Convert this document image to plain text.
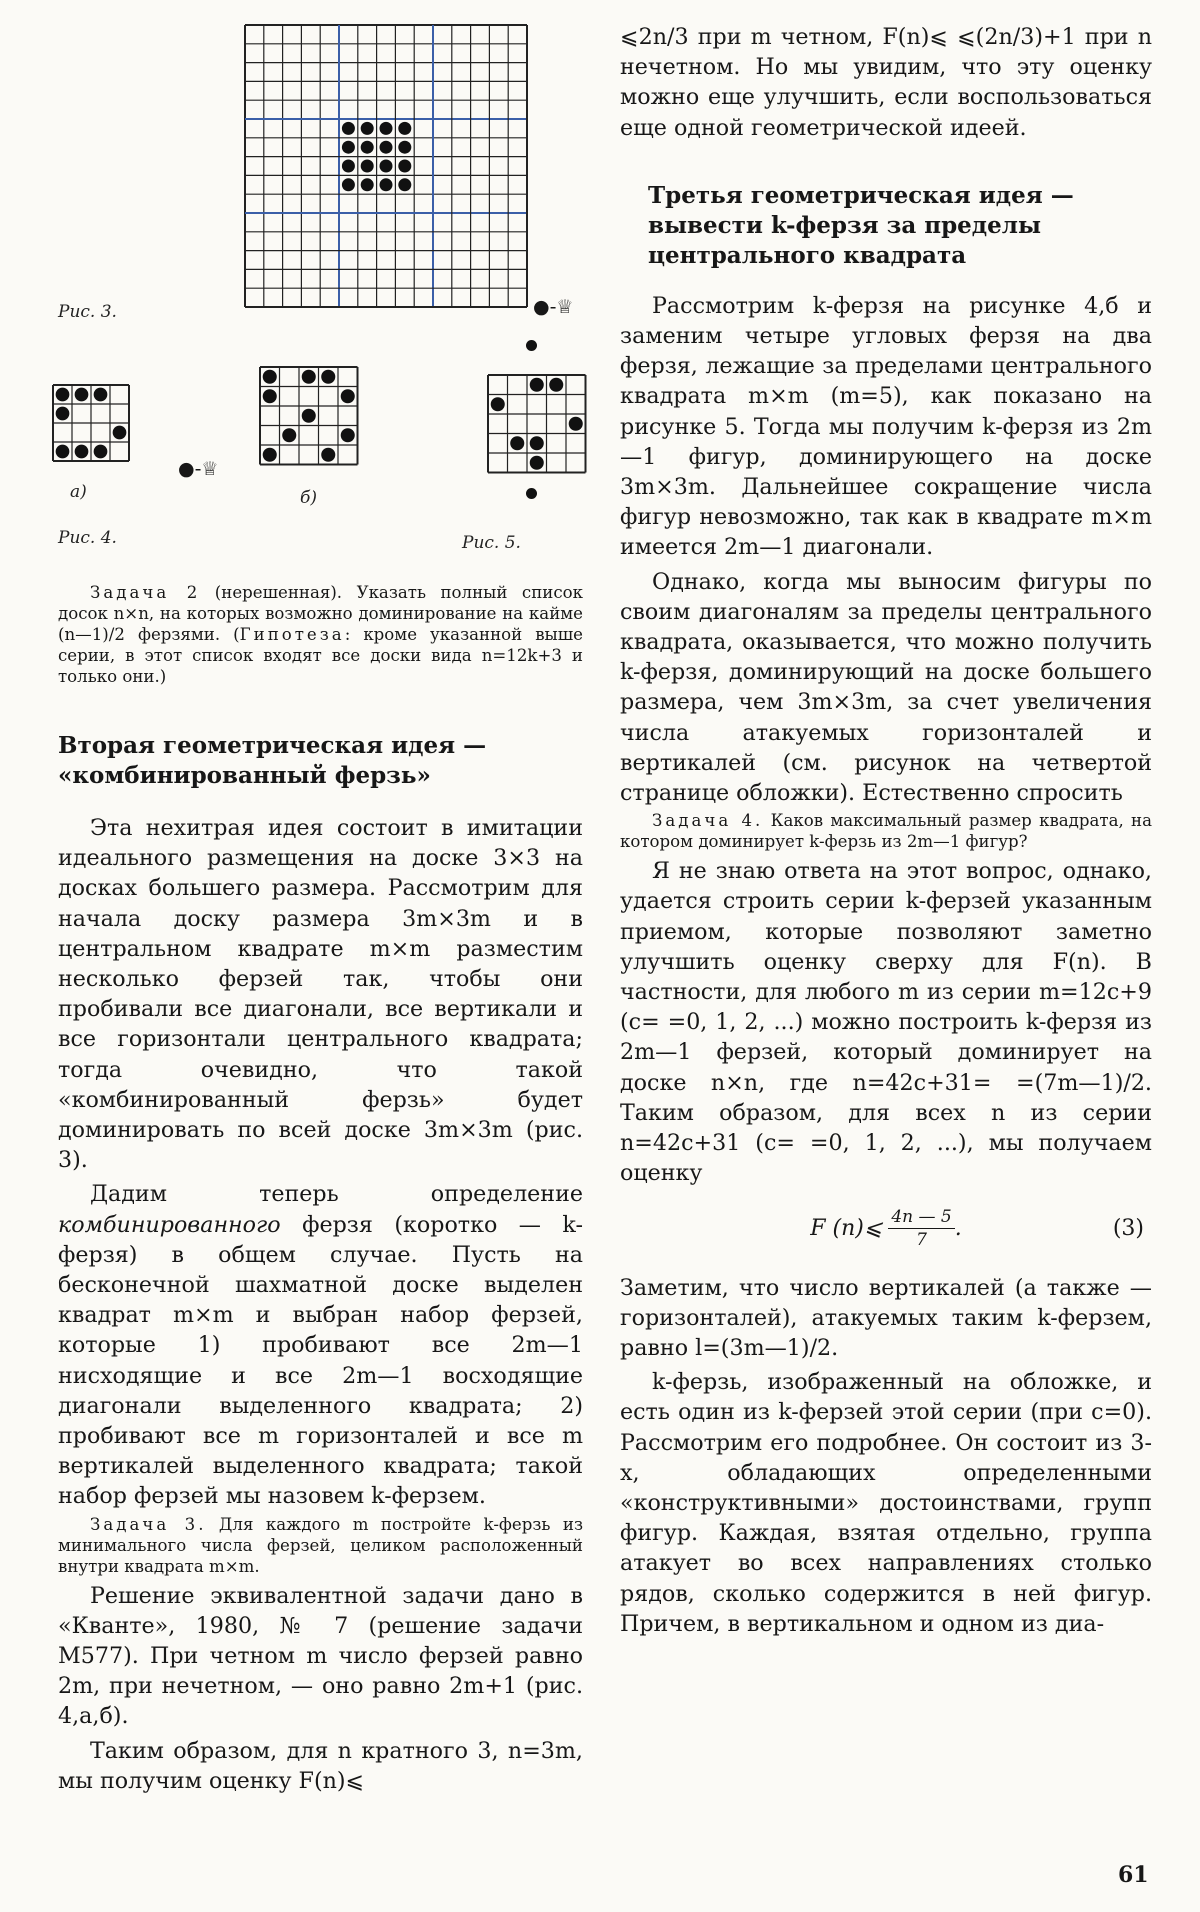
Рис. 3.	●-♕
а)
●-♕
б)
Рис. 4.	Рис. 5.

Задача 2 (нерешенная). Указать полный список досок n×n, на которых возможно доминирование на кайме (n—1)/2 ферзями. (Гипотеза: кроме указанной выше серии, в этот список входят все доски вида n=12k+3 и только они.)

Вторая геометрическая идея — «комбинированный ферзь»

Эта нехитрая идея состоит в имитации идеального размещения на доске 3×3 на досках большего размера. Рассмотрим для начала доску размера 3m×3m и в центральном квадрате m×m разместим несколько ферзей так, чтобы они пробивали все диагонали, все вертикали и все горизонтали центрального квадрата; тогда очевидно, что такой «комбинированный ферзь» будет доминировать по всей доске 3m×3m (рис. 3).

Дадим теперь определение комбинированного ферзя (коротко — k-ферзя) в общем случае. Пусть на бесконечной шахматной доске выделен квадрат m×m и выбран набор ферзей, которые 1) пробивают все 2m—1 нисходящие и все 2m—1 восходящие диагонали выделенного квадрата; 2) пробивают все m горизонталей и все m вертикалей выделенного квадрата; такой набор ферзей мы назовем k-ферзем.

Задача 3. Для каждого m постройте k-ферзь из минимального числа ферзей, целиком расположенный внутри квадрата m×m.

Решение эквивалентной задачи дано в «Кванте», 1980, № 7 (решение задачи М577). При четном m число ферзей равно 2m, при нечетном, — оно равно 2m+1 (рис. 4,а,б).

Таким образом, для n кратного 3, n=3m, мы получим оценку F(n)⩽

⩽2n/3 при m четном, F(n)⩽ ⩽(2n/3)+1 при n нечетном. Но мы увидим, что эту оценку можно еще улучшить, если воспользоваться еще одной геометрической идеей.

Третья геометрическая идея — вывести k-ферзя за пределы центрального квадрата

Рассмотрим k-ферзя на рисунке 4,б и заменим четыре угловых ферзя на два ферзя, лежащие за пределами центрального квадрата m×m (m=5), как показано на рисунке 5. Тогда мы получим k-ферзя из 2m—1 фигур, доминирующего на доске 3m×3m. Дальнейшее сокращение числа фигур невозможно, так как в квадрате m×m имеется 2m—1 диагонали.

Однако, когда мы выносим фигуры по своим диагоналям за пределы центрального квадрата, оказывается, что можно получить k-ферзя, доминирующий на доске большего размера, чем 3m×3m, за счет увеличения числа атакуемых горизонталей и вертикалей (см. рисунок на четвертой странице обложки). Естественно спросить

Задача 4. Каков максимальный размер квадрата, на котором доминирует k-ферзь из 2m—1 фигур?

Я не знаю ответа на этот вопрос, однако, удается строить серии k-ферзей указанным приемом, которые позволяют заметно улучшить оценку сверху для F(n). В частности, для любого m из серии m=12c+9 (c= =0, 1, 2, ...) можно построить k-ферзя из 2m—1 ферзей, который доминирует на доске n×n, где n=42c+31= =(7m—1)/2. Таким образом, для всех n из серии n=42c+31 (c= =0, 1, 2, ...), мы получаем оценку

F (n)⩽ $\frac{4n — 5}{7}$ .	(3)

Заметим, что число вертикалей (а также — горизонталей), атакуемых таким k-ферзем, равно l=(3m—1)/2.

k-ферзь, изображенный на обложке, и есть один из k-ферзей этой серии (при c=0). Рассмотрим его подробнее. Он состоит из 3-х, обладающих определенными «конструктивными» достоинствами, групп фигур. Каждая, взятая отдельно, группа атакует во всех направлениях столько рядов, сколько содержится в ней фигур. Причем, в вертикальном и одном из диа-

61
